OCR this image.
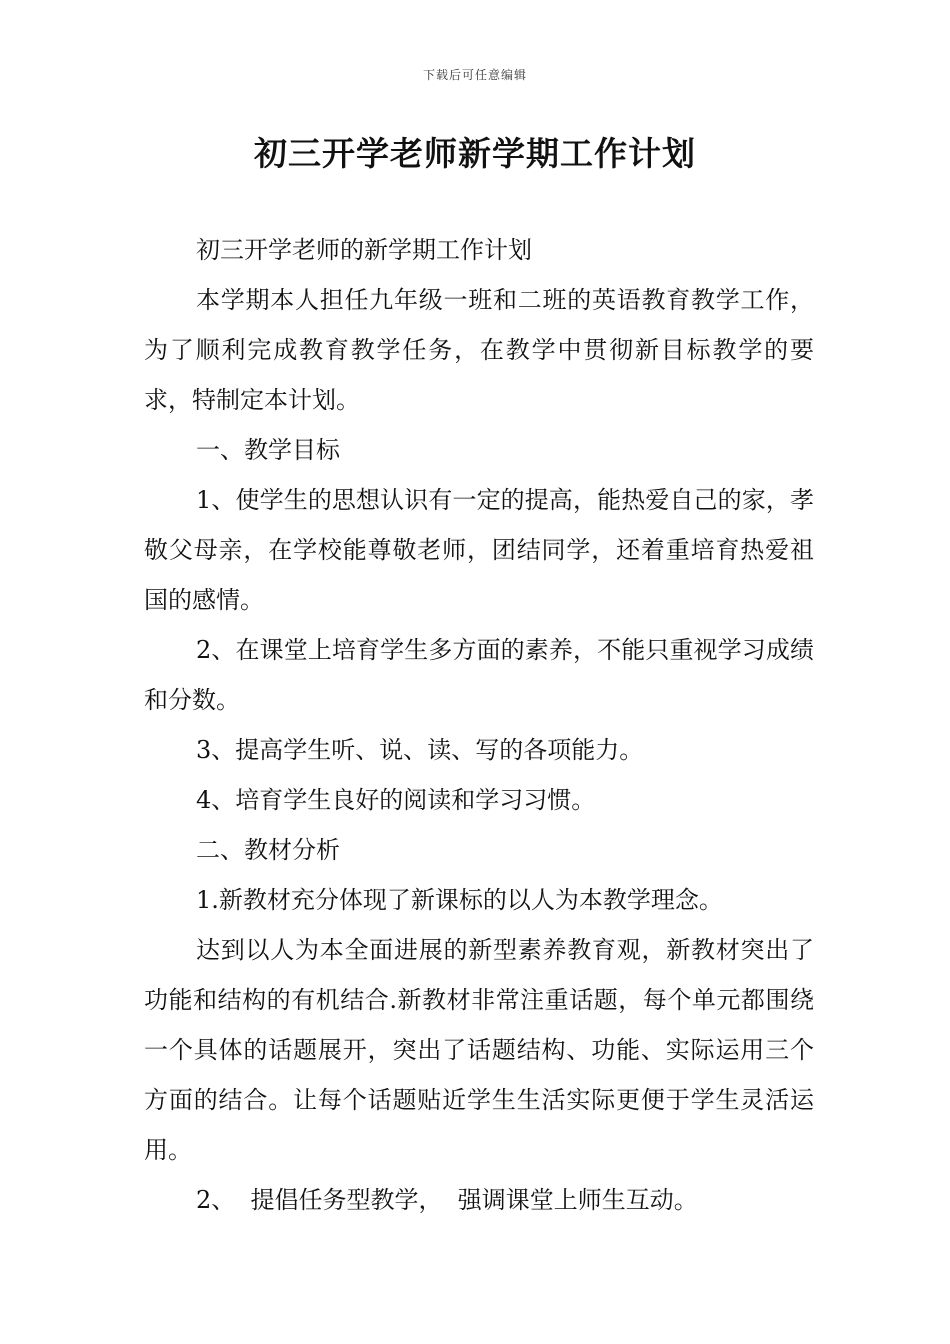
下载后可任意编辑
初三开学老师新学期工作计划

初三开学老师的新学期工作计划

本学期本人担任九年级一班和二班的英语教育教学工作，为了顺利完成教育教学任务，在教学中贯彻新目标教学的要求，特制定本计划。

一、教学目标

1、使学生的思想认识有一定的提高，能热爱自己的家，孝敬父母亲，在学校能尊敬老师，团结同学，还着重培育热爱祖国的感情。

2、在课堂上培育学生多方面的素养，不能只重视学习成绩和分数。

3、提高学生听、说、读、写的各项能力。

4、培育学生良好的阅读和学习习惯。

二、教材分析

1.新教材充分体现了新课标的以人为本教学理念。

达到以人为本全面进展的新型素养教育观，新教材突出了功能和结构的有机结合.新教材非常注重话题，每个单元都围绕一个具体的话题展开，突出了话题结构、功能、实际运用三个方面的结合。让每个话题贴近学生生活实际更便于学生灵活运用。

2、  提倡任务型教学，  强调课堂上师生互动。
